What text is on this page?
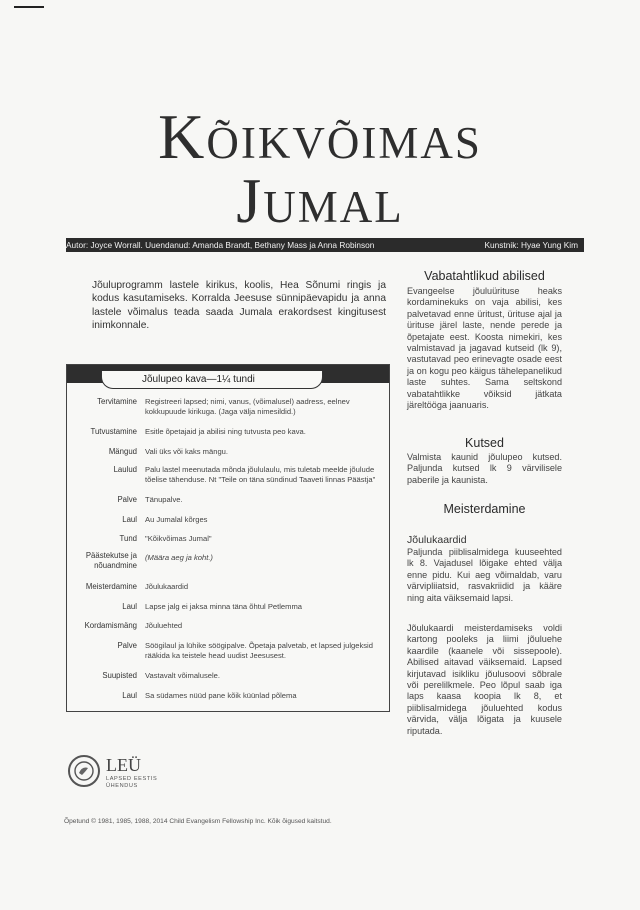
Kõikvõimas
Jumal
Autor: Joyce Worrall. Uuendanud: Amanda Brandt, Bethany Mass ja Anna Robinson	Kunstnik: Hyae Yung Kim

Jõuluprogramm lastele kirikus, koolis, Hea Sõnumi ringis ja kodus kasutamiseks. Korralda Jeesuse sünnipäevapidu ja anna lastele võimalus teada saada Jumala erakordsest kingitusest inimkonnale.

Jõulupeo kava—1¼ tundi
Tervitamine Registreeri lapsed; nimi, vanus, (võimalusel) aadress, eelnev kokkupuude kirikuga. (Jaga välja nimesildid.)
Tutvustamine Esitle õpetajaid ja abilisi ning tutvusta peo kava.
Mängud Vali üks või kaks mängu.
Laulud Palu lastel meenutada mõnda jõululaulu, mis tuletab meelde jõulude tõelise tähenduse. Nt "Teile on täna sündinud Taaveti linnas Päästja"
Palve Tänupalve.
Laul Au Jumalal kõrges
Tund "Kõikvõimas Jumal"
Päästekutse ja nõuandmine
(Määra aeg ja koht.)
Meisterdamine Jõulukaardid
Laul Lapse jalg ei jaksa minna täna õhtul Petlemma
Kordamismäng Jõuluehted
Palve Söögilaul ja lühike söögipalve. Õpetaja palvetab, et lapsed julgeksid rääkida ka teistele head uudist Jeesusest.
Suupisted Vastavalt võimalusele.
Laul Sa südames nüüd pane kõik küünlad põlema
Vabatahtlikud abilised

Evangeelse jõuluürituse heaks kordaminekuks on vaja abilisi, kes palvetavad enne üritust, ürituse ajal ja ürituse järel laste, nende perede ja õpetajate eest. Koosta nimekiri, kes valmistavad ja jagavad kutseid (lk 9), vastutavad peo erinevagte osade eest ja on kogu peo käigus tähelepanelikud laste suhtes. Sama seltskond vabatahtlikke võiksid jätkata järeltööga jaanuaris.

Kutsed

Valmista kaunid jõulupeo kutsed. Paljunda kutsed lk 9 värvilisele paberile ja kaunista.

Meisterdamine
Jõulukaardid

Paljunda piiblisalmidega kuuseehted lk 8. Vajadusel lõigake ehted välja enne pidu. Kui aeg võimaldab, varu värvipliiatsid, rasvakriidid ja kääre ning aita väiksemaid lapsi.

Jõulukaardi meisterdamiseks voldi kartong pooleks ja liimi jõuluehe kaardile (kaanele või sissepoole). Abilised aitavad väiksemaid. Lapsed kirjutavad isikliku jõulusoovi sõbrale või perelilkmele. Peo lõpul saab iga laps kaasa koopia lk 8, et piiblisalmidega jõuluehted kodus värvida, välja lõigata ja kuusele riputada.

LEÜ
LAPSED EESTIS ÜHENDUS
Õpetund © 1981, 1985, 1988, 2014 Child Evangelism Fellowship Inc. Kõik õigused kaitstud.
